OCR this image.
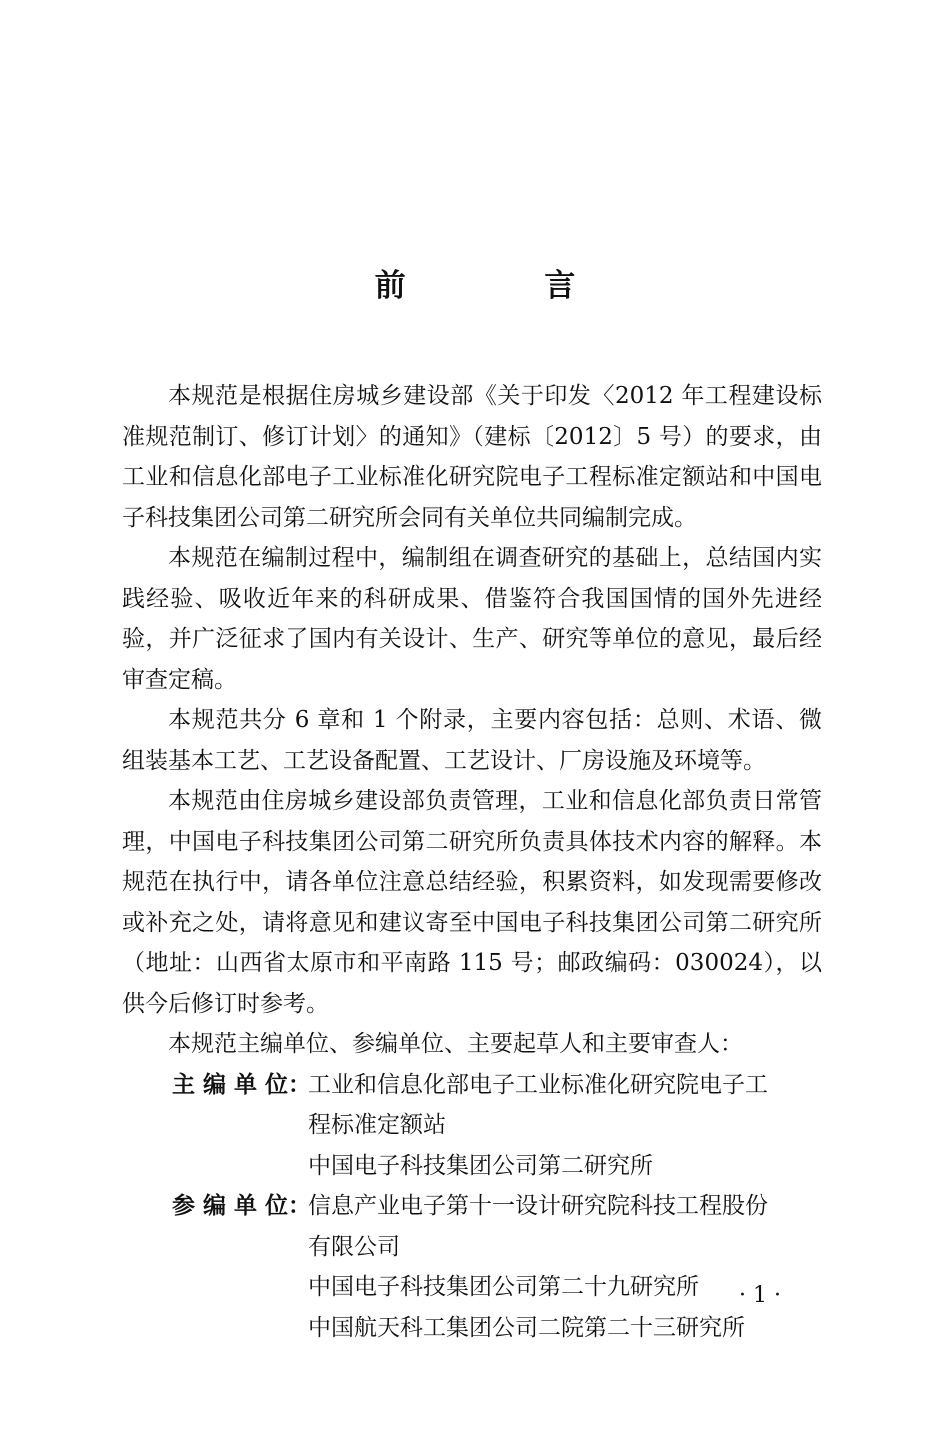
前 言

本规范是根据住房城乡建设部《关于印发〈2012 年工程建设标准规范制订、修订计划〉的通知》（建标〔2012〕5 号）的要求，由工业和信息化部电子工业标准化研究院电子工程标准定额站和中国电子科技集团公司第二研究所会同有关单位共同编制完成。

本规范在编制过程中，编制组在调查研究的基础上，总结国内实践经验、吸收近年来的科研成果、借鉴符合我国国情的国外先进经验，并广泛征求了国内有关设计、生产、研究等单位的意见，最后经审查定稿。

本规范共分 6 章和 1 个附录，主要内容包括：总则、术语、微组装基本工艺、工艺设备配置、工艺设计、厂房设施及环境等。

本规范由住房城乡建设部负责管理，工业和信息化部负责日常管理，中国电子科技集团公司第二研究所负责具体技术内容的解释。本规范在执行中，请各单位注意总结经验，积累资料，如发现需要修改或补充之处，请将意见和建议寄至中国电子科技集团公司第二研究所（地址：山西省太原市和平南路 115 号；邮政编码：030024），以供今后修订时参考。

本规范主编单位、参编单位、主要起草人和主要审查人：

主 编 单 位：
工业和信息化部电子工业标准化研究院电子工
程标准定额站
中国电子科技集团公司第二研究所
参 编 单 位：
信息产业电子第十一设计研究院科技工程股份
有限公司
中国电子科技集团公司第二十九研究所
中国航天科工集团公司二院第二十三研究所
· 1 ·
